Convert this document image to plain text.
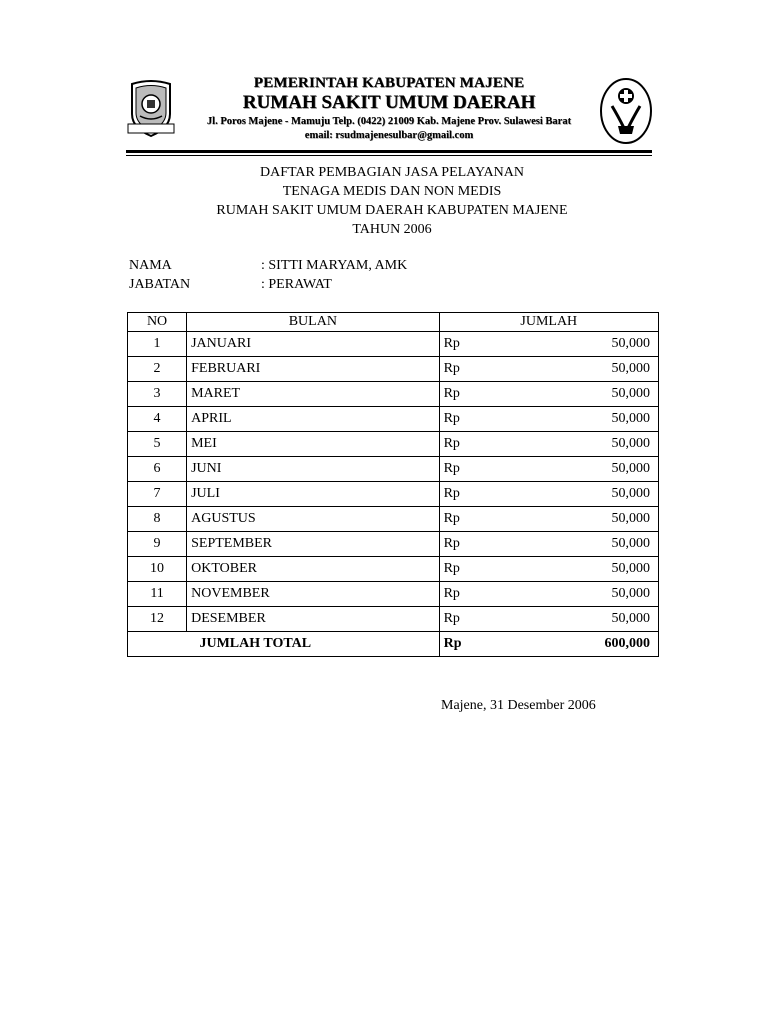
PEMERINTAH KABUPATEN MAJENE
RUMAH SAKIT UMUM DAERAH
Jl. Poros Majene - Mamuju Telp. (0422) 21009 Kab. Majene Prov. Sulawesi Barat
email: rsudmajenesulbar@gmail.com
DAFTAR PEMBAGIAN JASA PELAYANAN
TENAGA MEDIS DAN NON MEDIS
RUMAH SAKIT UMUM DAERAH KABUPATEN MAJENE
TAHUN 2006
NAMA	: SITTI MARYAM, AMK
JABATAN	: PERAWAT
NO	BULAN	JUMLAH
1	JANUARI	Rp 50,000

2	FEBRUARI	Rp 50,000

3	MARET	Rp 50,000

4	APRIL	Rp 50,000

5	MEI	Rp 50,000

6	JUNI	Rp 50,000

7	JULI	Rp 50,000

8	AGUSTUS	Rp 50,000

9	SEPTEMBER	Rp 50,000

10	OKTOBER	Rp 50,000

11	NOVEMBER	Rp 50,000

12	DESEMBER	Rp 50,000

JUMLAH TOTAL		Rp 600,000
Majene, 31 Desember 2006
